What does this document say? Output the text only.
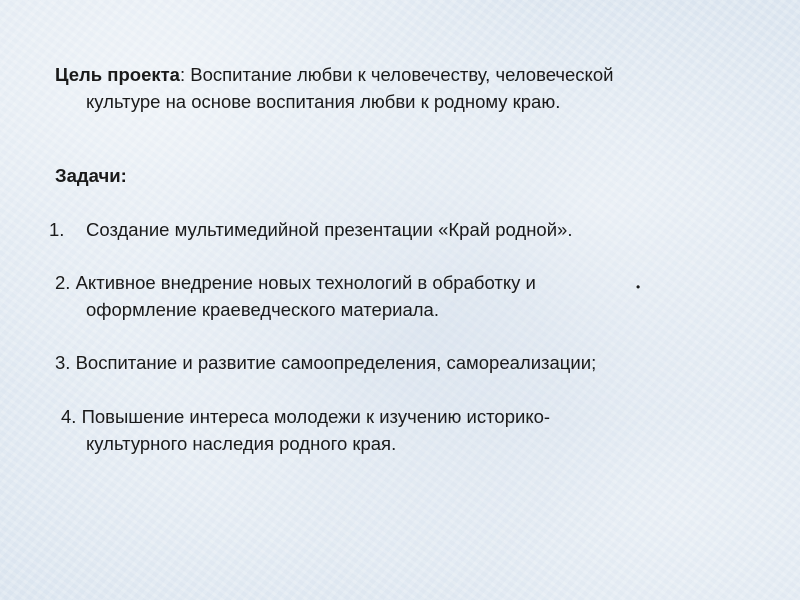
Цель проекта: Воспитание любви к человечеству, человеческой
культуре на основе воспитания любви к родному краю.
Задачи:
1. Создание мультимедийной презентации «Край родной».
2. Активное внедрение новых технологий в обработку и	•
оформление краеведческого материала.
3. Воспитание и развитие самоопределения, самореализации;
4. Повышение интереса молодежи к изучению историко-
культурного наследия родного края.
